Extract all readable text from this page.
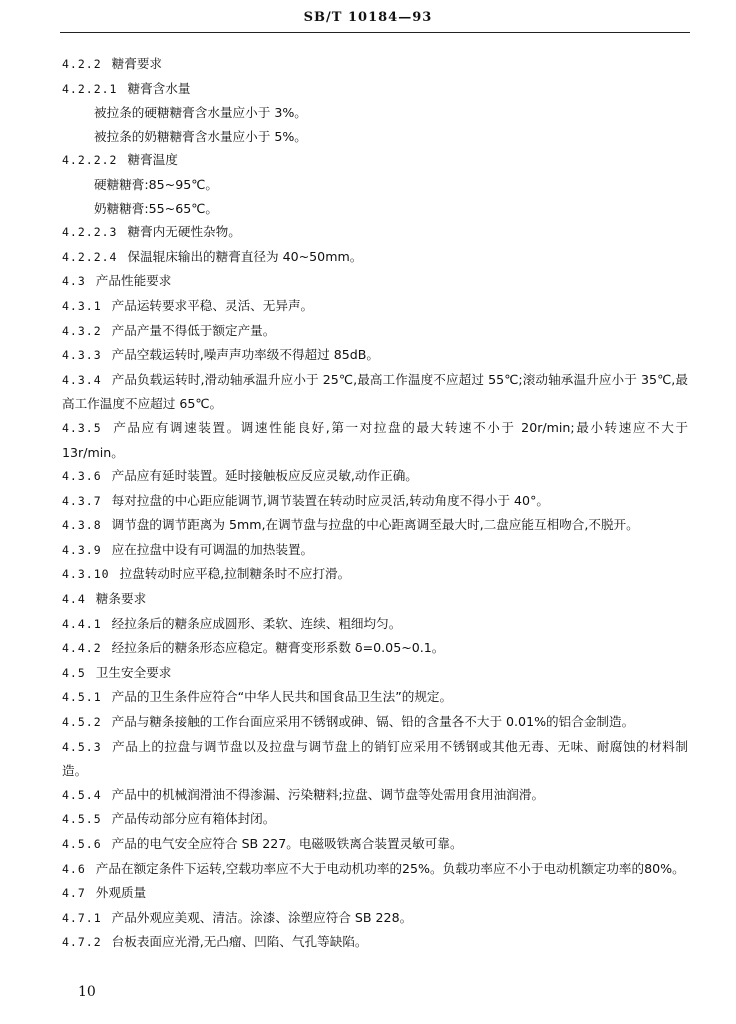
SB/T 10184—93
4.2.2 糖膏要求
4.2.2.1 糖膏含水量
被拉条的硬糖糖膏含水量应小于 3%。
被拉条的奶糖糖膏含水量应小于 5%。
4.2.2.2 糖膏温度
硬糖糖膏:85~95℃。
奶糖糖膏:55~65℃。
4.2.2.3 糖膏内无硬性杂物。
4.2.2.4 保温辊床输出的糖膏直径为 40~50mm。
4.3 产品性能要求
4.3.1 产品运转要求平稳、灵活、无异声。
4.3.2 产品产量不得低于额定产量。
4.3.3 产品空载运转时,噪声声功率级不得超过 85dB。
4.3.4 产品负载运转时,滑动轴承温升应小于 25℃,最高工作温度不应超过 55℃;滚动轴承温升应小于 35℃,最高工作温度不应超过 65℃。
4.3.5 产品应有调速装置。调速性能良好,第一对拉盘的最大转速不小于 20r/min;最小转速应不大于 13r/min。
4.3.6 产品应有延时装置。延时接触板应反应灵敏,动作正确。
4.3.7 每对拉盘的中心距应能调节,调节装置在转动时应灵活,转动角度不得小于 40°。
4.3.8 调节盘的调节距离为 5mm,在调节盘与拉盘的中心距离调至最大时,二盘应能互相吻合,不脱开。
4.3.9 应在拉盘中设有可调温的加热装置。
4.3.10 拉盘转动时应平稳,拉制糖条时不应打滑。
4.4 糖条要求
4.4.1 经拉条后的糖条应成圆形、柔软、连续、粗细均匀。
4.4.2 经拉条后的糖条形态应稳定。糖膏变形系数 δ=0.05~0.1。
4.5 卫生安全要求
4.5.1 产品的卫生条件应符合“中华人民共和国食品卫生法”的规定。
4.5.2 产品与糖条接触的工作台面应采用不锈钢或砷、镉、铅的含量各不大于 0.01%的铝合金制造。
4.5.3 产品上的拉盘与调节盘以及拉盘与调节盘上的销钉应采用不锈钢或其他无毒、无味、耐腐蚀的材料制造。
4.5.4 产品中的机械润滑油不得渗漏、污染糖料;拉盘、调节盘等处需用食用油润滑。
4.5.5 产品传动部分应有箱体封闭。
4.5.6 产品的电气安全应符合 SB 227。电磁吸铁离合装置灵敏可靠。
4.6 产品在额定条件下运转,空载功率应不大于电动机功率的25%。负载功率应不小于电动机额定功率的80%。
4.7 外观质量
4.7.1 产品外观应美观、清洁。涂漆、涂塑应符合 SB 228。
4.7.2 台板表面应光滑,无凸瘤、凹陷、气孔等缺陷。
10
